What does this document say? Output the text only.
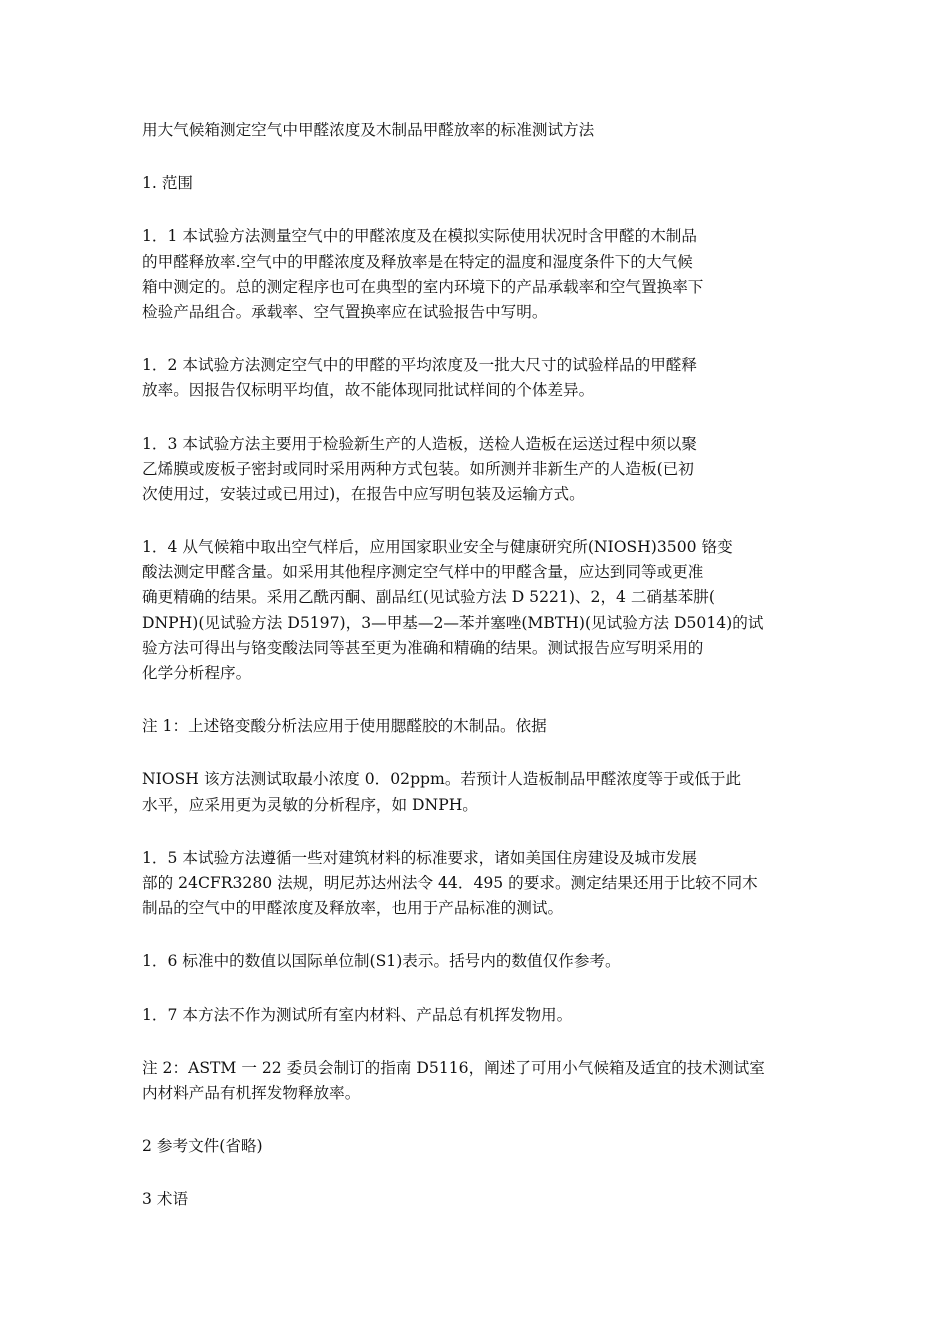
用大气候箱测定空气中甲醛浓度及木制品甲醛放率的标准测试方法
1. 范围
1．1 本试验方法测量空气中的甲醛浓度及在模拟实际使用状况时含甲醛的木制品
的甲醛释放率.空气中的甲醛浓度及释放率是在特定的温度和湿度条件下的大气候
箱中测定的。总的测定程序也可在典型的室内环境下的产品承载率和空气置换率下
检验产品组合。承载率、空气置换率应在试验报告中写明。
1．2 本试验方法测定空气中的甲醛的平均浓度及一批大尺寸的试验样品的甲醛释
放率。因报告仅标明平均值，故不能体现同批试样间的个体差异。
1．3 本试验方法主要用于检验新生产的人造板，送检人造板在运送过程中须以聚
乙烯膜或废板子密封或同时采用两种方式包装。如所测并非新生产的人造板(已初
次使用过，安装过或已用过)，在报告中应写明包装及运输方式。
1．4 从气候箱中取出空气样后，应用国家职业安全与健康研究所(NIOSH)3500 铬变
酸法测定甲醛含量。如采用其他程序测定空气样中的甲醛含量，应达到同等或更准
确更精确的结果。采用乙酰丙酮、副品红(见试验方法 D 5221)、2，4 二硝基苯肼(
DNPH)(见试验方法 D5197)，3—甲基—2—苯并塞唑(MBTH)(见试验方法 D5014)的试
验方法可得出与铬变酸法同等甚至更为准确和精确的结果。测试报告应写明采用的
化学分析程序。
注 1：上述铬变酸分析法应用于使用腮醛胶的木制品。依据
NIOSH 该方法测试取最小浓度 0．02ppm。若预计人造板制品甲醛浓度等于或低于此
水平，应采用更为灵敏的分析程序，如 DNPH。
1．5 本试验方法遵循一些对建筑材料的标准要求，诸如美国住房建设及城市发展
部的 24CFR3280 法规，明尼苏达州法令 44．495 的要求。测定结果还用于比较不同木
制品的空气中的甲醛浓度及释放率，也用于产品标准的测试。
1．6 标准中的数值以国际单位制(S1)表示。括号内的数值仅作参考。
1．7 本方法不作为测试所有室内材料、产品总有机挥发物用。
注 2：ASTM 一 22 委员会制订的指南 D5116，阐述了可用小气候箱及适宜的技术测试室
内材料产品有机挥发物释放率。
2 参考文件(省略)
3 术语
